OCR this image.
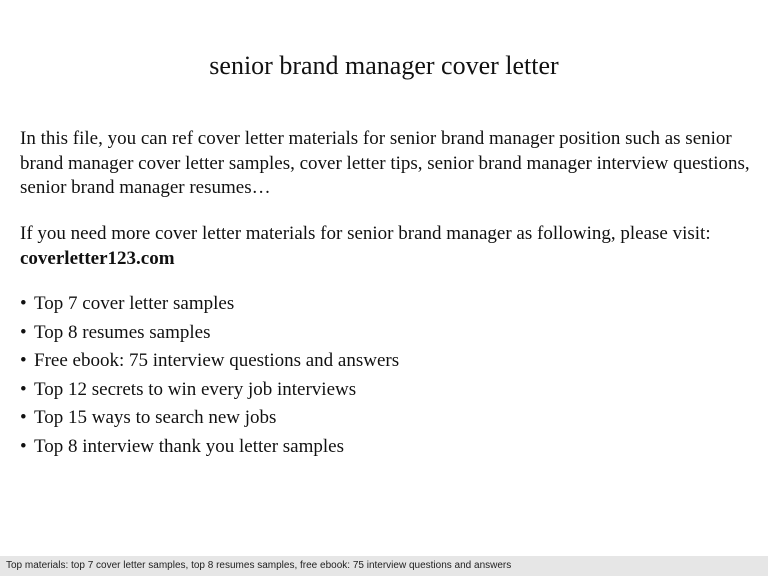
senior brand manager cover letter

In this file, you can ref cover letter materials for senior brand manager position such as senior brand manager cover letter samples, cover letter tips, senior brand manager interview questions, senior brand manager resumes…

If you need more cover letter materials for senior brand manager as following, please visit: coverletter123.com

• Top 7 cover letter samples
• Top 8 resumes samples
• Free ebook: 75 interview questions and answers
• Top 12 secrets to win every job interviews
• Top 15 ways to search new jobs
• Top 8 interview thank you letter samples
Top materials: top 7 cover letter samples, top 8 resumes samples, free ebook: 75 interview questions and answers
